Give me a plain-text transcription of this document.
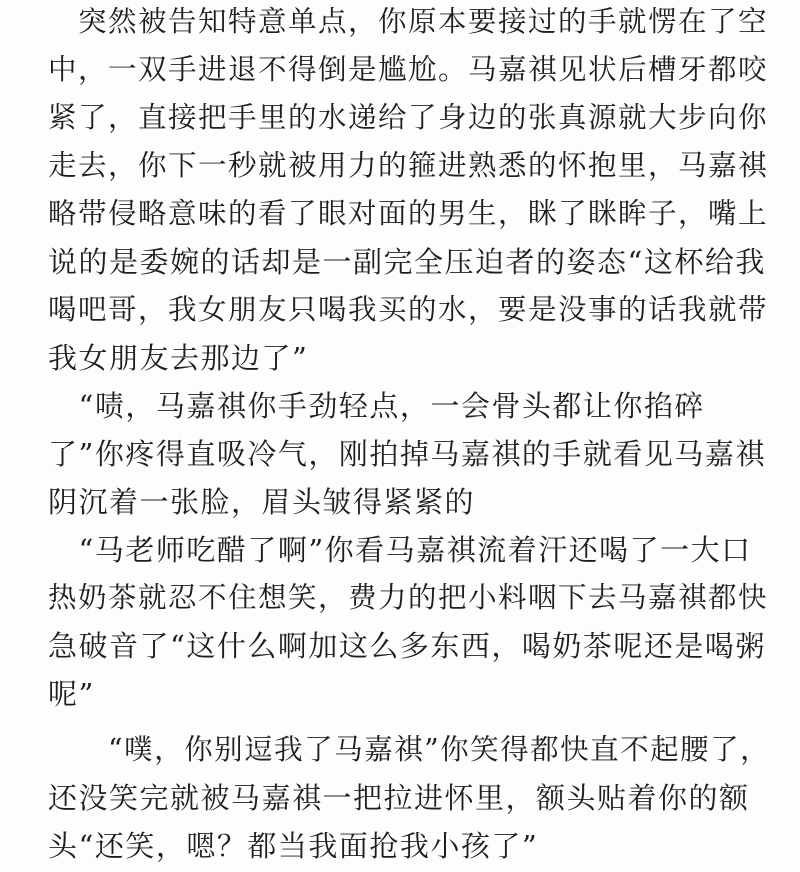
　突然被告知特意单点，你原本要接过的手就愣在了空
中，一双手进退不得倒是尴尬。马嘉祺见状后槽牙都咬
紧了，直接把手里的水递给了身边的张真源就大步向你
走去，你下一秒就被用力的箍进熟悉的怀抱里，马嘉祺
略带侵略意味的看了眼对面的男生，眯了眯眸子，嘴上
说的是委婉的话却是一副完全压迫者的姿态“这杯给我
喝吧哥，我女朋友只喝我买的水，要是没事的话我就带
我女朋友去那边了”
　“啧，马嘉祺你手劲轻点，一会骨头都让你掐碎
了”你疼得直吸冷气，刚拍掉马嘉祺的手就看见马嘉祺
阴沉着一张脸，眉头皱得紧紧的
　“马老师吃醋了啊”你看马嘉祺流着汗还喝了一大口
热奶茶就忍不住想笑，费力的把小料咽下去马嘉祺都快
急破音了“这什么啊加这么多东西，喝奶茶呢还是喝粥
呢”
　　“噗，你别逗我了马嘉祺”你笑得都快直不起腰了，
还没笑完就被马嘉祺一把拉进怀里，额头贴着你的额
头“还笑，嗯？都当我面抢我小孩了”
